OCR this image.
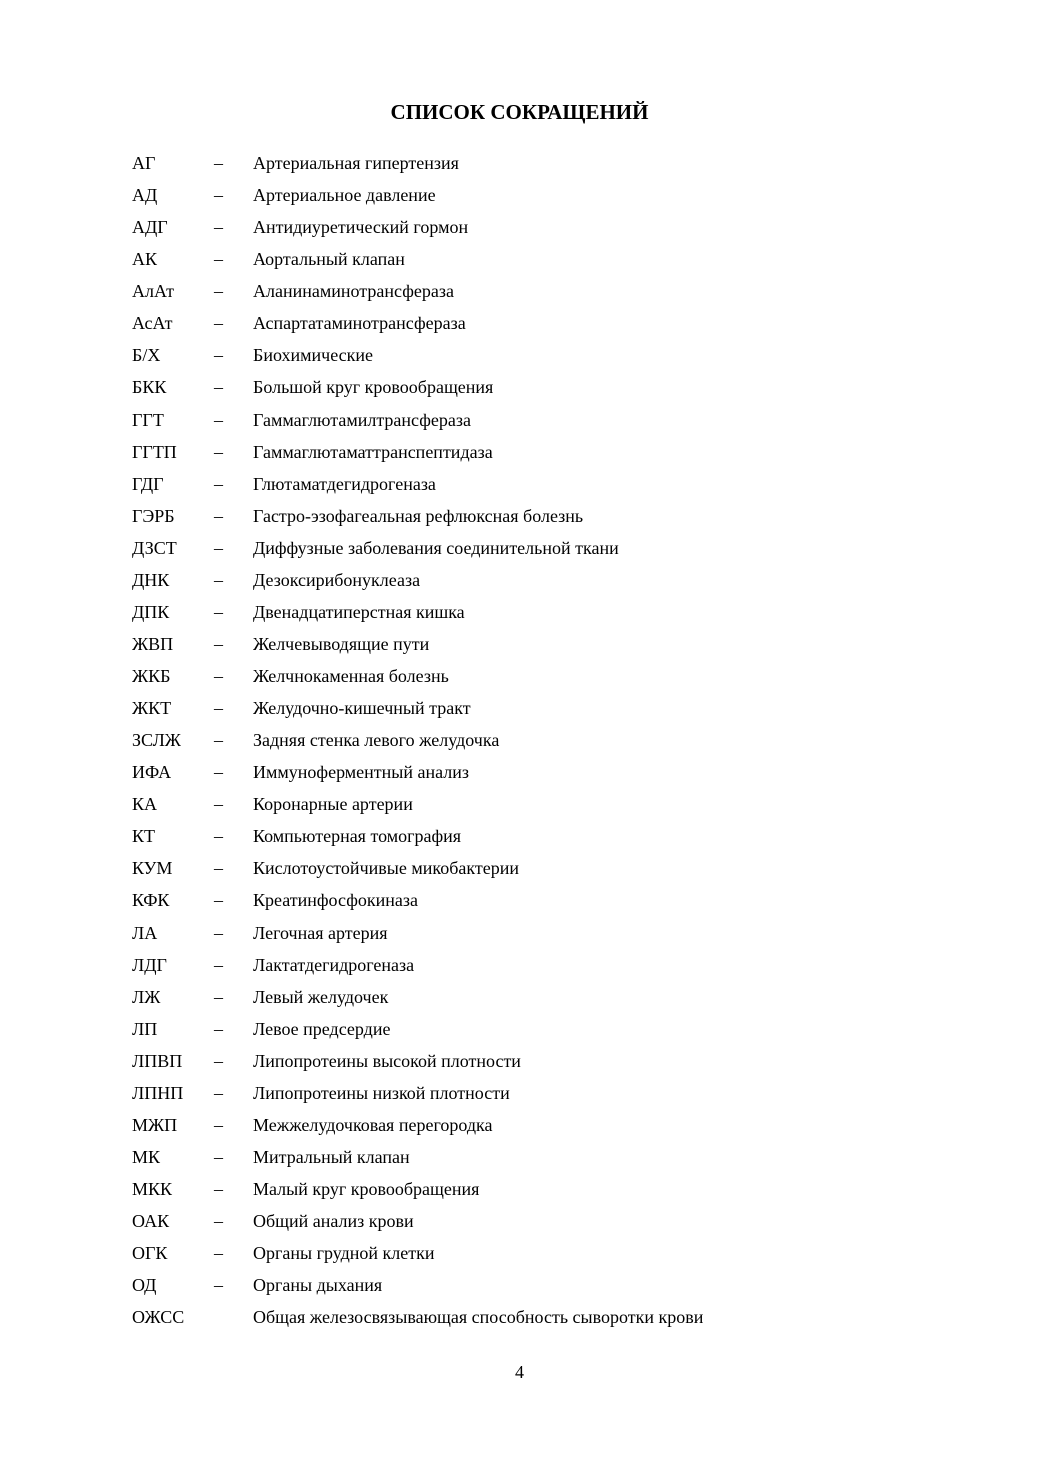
СПИСОК СОКРАЩЕНИЙ
АГ	– Артериальная гипертензия
АД	– Артериальное давление
АДГ	– Антидиуретический гормон
АК	– Аортальный клапан
АлАт – Аланинаминотрансфераза
АсАт – Аспартатаминотрансфераза
Б/Х	– Биохимические
БКК	– Большой круг кровообращения
ГГТ	– Гаммаглютамилтрансфераза
ГГТП – Гаммаглютаматтранспептидаза
ГДГ	– Глютаматдегидрогеназа
ГЭРБ – Гастро-эзофагеальная рефлюксная болезнь
ДЗСТ – Диффузные заболевания соединительной ткани
ДНК – Дезоксирибонуклеаза
ДПК – Двенадцатиперстная кишка
ЖВП – Желчевыводящие пути
ЖКБ – Желчнокаменная болезнь
ЖКТ – Желудочно-кишечный тракт
ЗСЛЖ – Задняя стенка левого желудочка
ИФА – Иммуноферментный анализ
КА	– Коронарные артерии
КТ	– Компьютерная томография
КУМ – Кислотоустойчивые микобактерии
КФК – Креатинфосфокиназа
ЛА	– Легочная артерия
ЛДГ	– Лактатдегидрогеназа
ЛЖ	– Левый желудочек
ЛП	– Левое предсердие
ЛПВП – Липопротеины высокой плотности
ЛПНП – Липопротеины низкой плотности
МЖП – Межжелудочковая перегородка
МК	– Митральный клапан
МКК – Малый круг кровообращения
ОАК – Общий анализ крови
ОГК	– Органы грудной клетки
ОД	– Органы дыхания
ОЖСС	Общая железосвязывающая способность сыворотки крови
4
